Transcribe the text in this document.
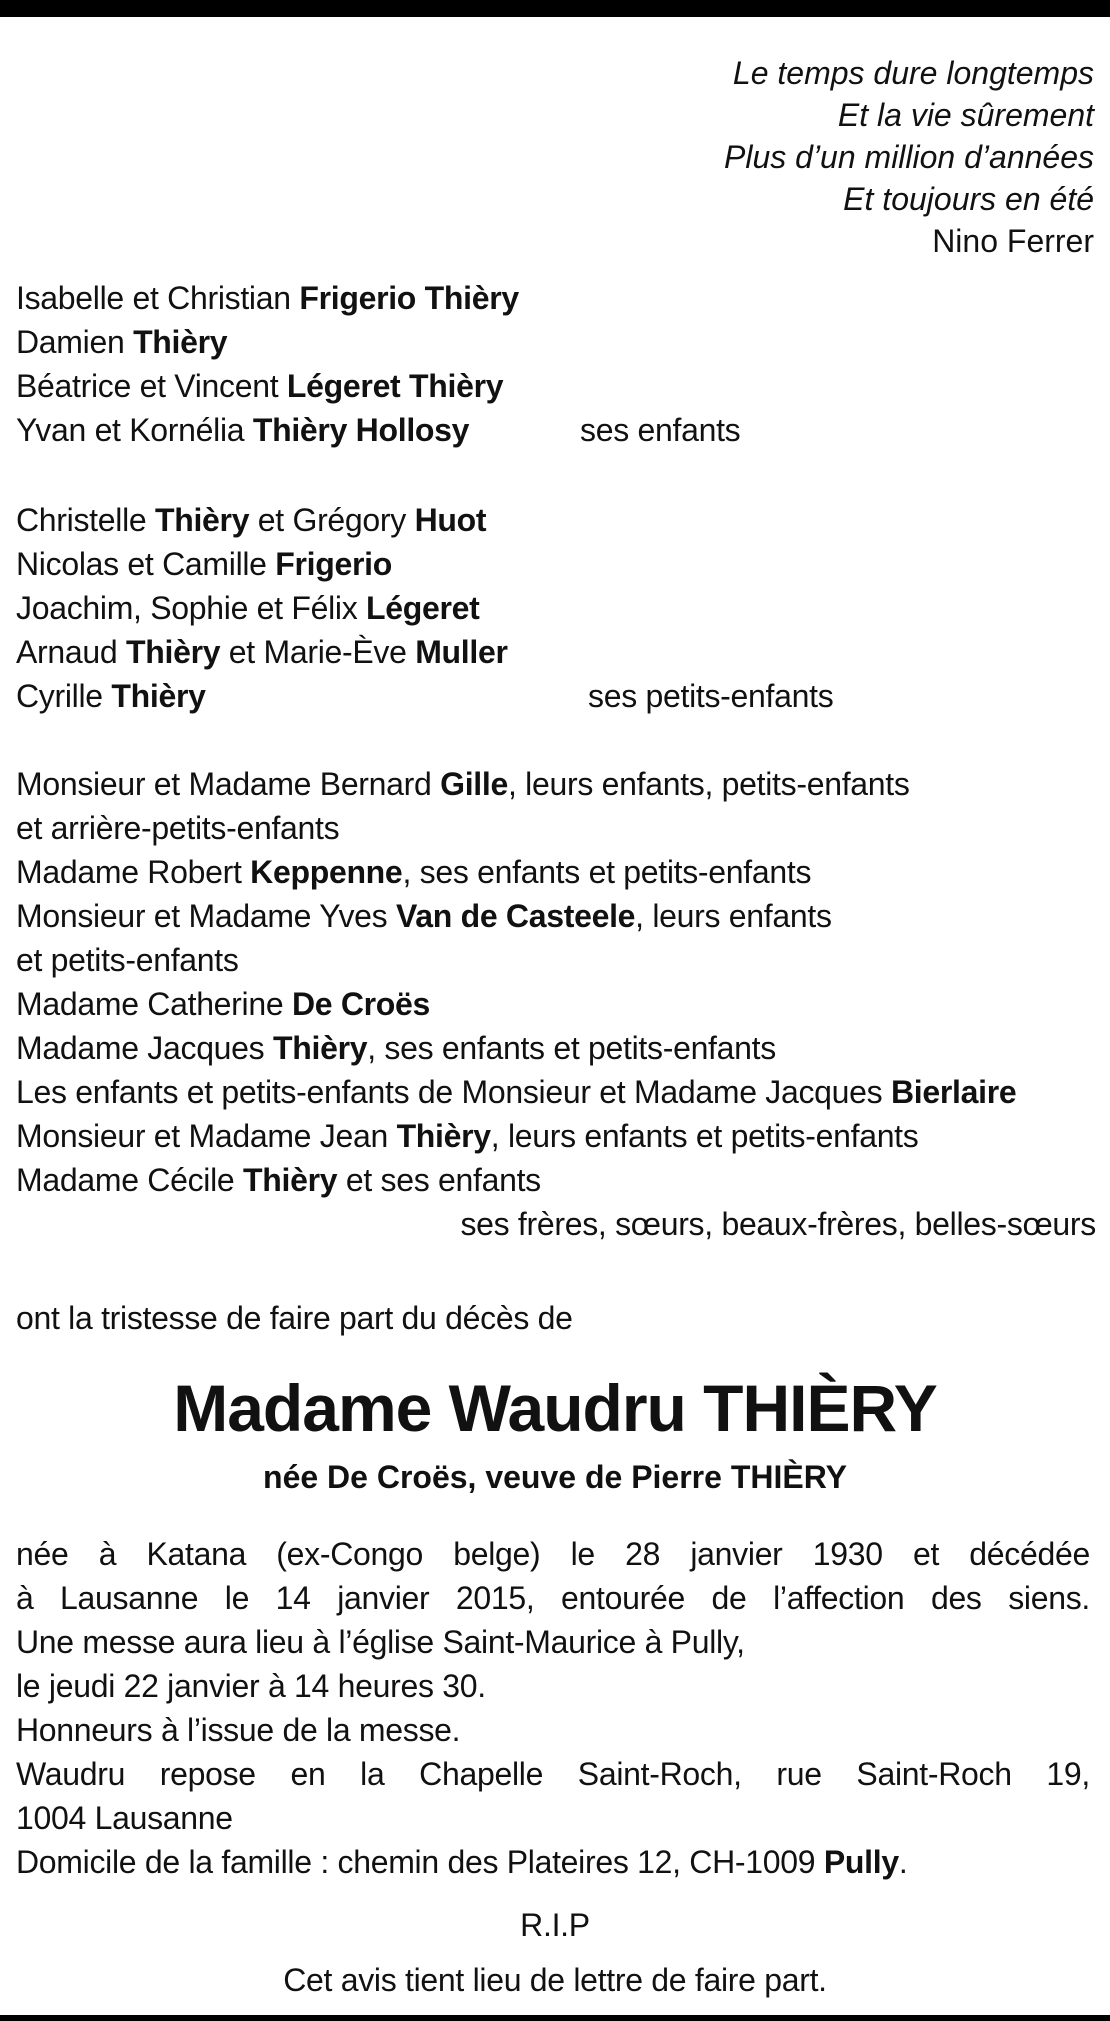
Le temps dure longtemps
Et la vie sûrement
Plus d’un million d’années
Et toujours en été
Nino Ferrer
Isabelle et Christian Frigerio Thièry
Damien Thièry
Béatrice et Vincent Légeret Thièry
Yvan et Kornélia Thièry Hollosy	ses enfants
Christelle Thièry et Grégory Huot
Nicolas et Camille Frigerio
Joachim, Sophie et Félix Légeret
Arnaud Thièry et Marie-Ève Muller
Cyrille Thièry	ses petits-enfants
Monsieur et Madame Bernard Gille, leurs enfants, petits-enfants
et arrière-petits-enfants
Madame Robert Keppenne, ses enfants et petits-enfants
Monsieur et Madame Yves Van de Casteele, leurs enfants
et petits-enfants
Madame Catherine De Croës
Madame Jacques Thièry, ses enfants et petits-enfants
Les enfants et petits-enfants de Monsieur et Madame Jacques Bierlaire
Monsieur et Madame Jean Thièry, leurs enfants et petits-enfants
Madame Cécile Thièry et ses enfants
ses frères, sœurs, beaux-frères, belles-sœurs
ont la tristesse de faire part du décès de
Madame Waudru THIÈRY
née De Croës, veuve de Pierre THIÈRY
née à Katana (ex-Congo belge) le 28 janvier 1930 et décédée
à Lausanne le 14 janvier 2015, entourée de l’affection des siens.
Une messe aura lieu à l’église Saint-Maurice à Pully,
le jeudi 22 janvier à 14 heures 30.
Honneurs à l’issue de la messe.
Waudru repose en la Chapelle Saint-Roch, rue Saint-Roch 19,
1004 Lausanne
Domicile de la famille : chemin des Plateires 12, CH-1009 Pully.
R.I.P
Cet avis tient lieu de lettre de faire part.
